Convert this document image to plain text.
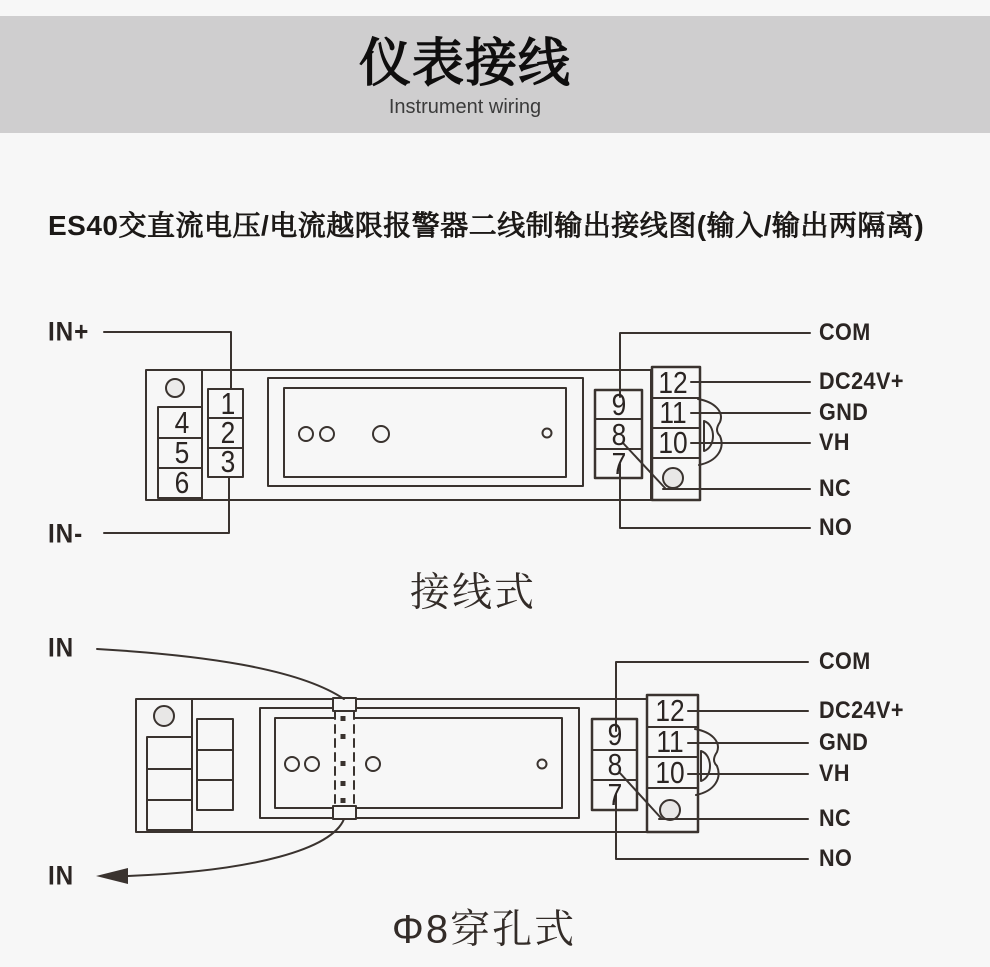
仪表接线
Instrument wiring
ES40交直流电压/电流越限报警器二线制输出接线图(输入/输出两隔离)
IN+
IN-
4
5
6
1
2
3
9
8
7
12
11
10
COM
DC24V+
GND
VH
NC
NO
接线式
IN
IN
9
8
7
12
11
10
COM
DC24V+
GND
VH
NC
NO
Φ8穿孔式
